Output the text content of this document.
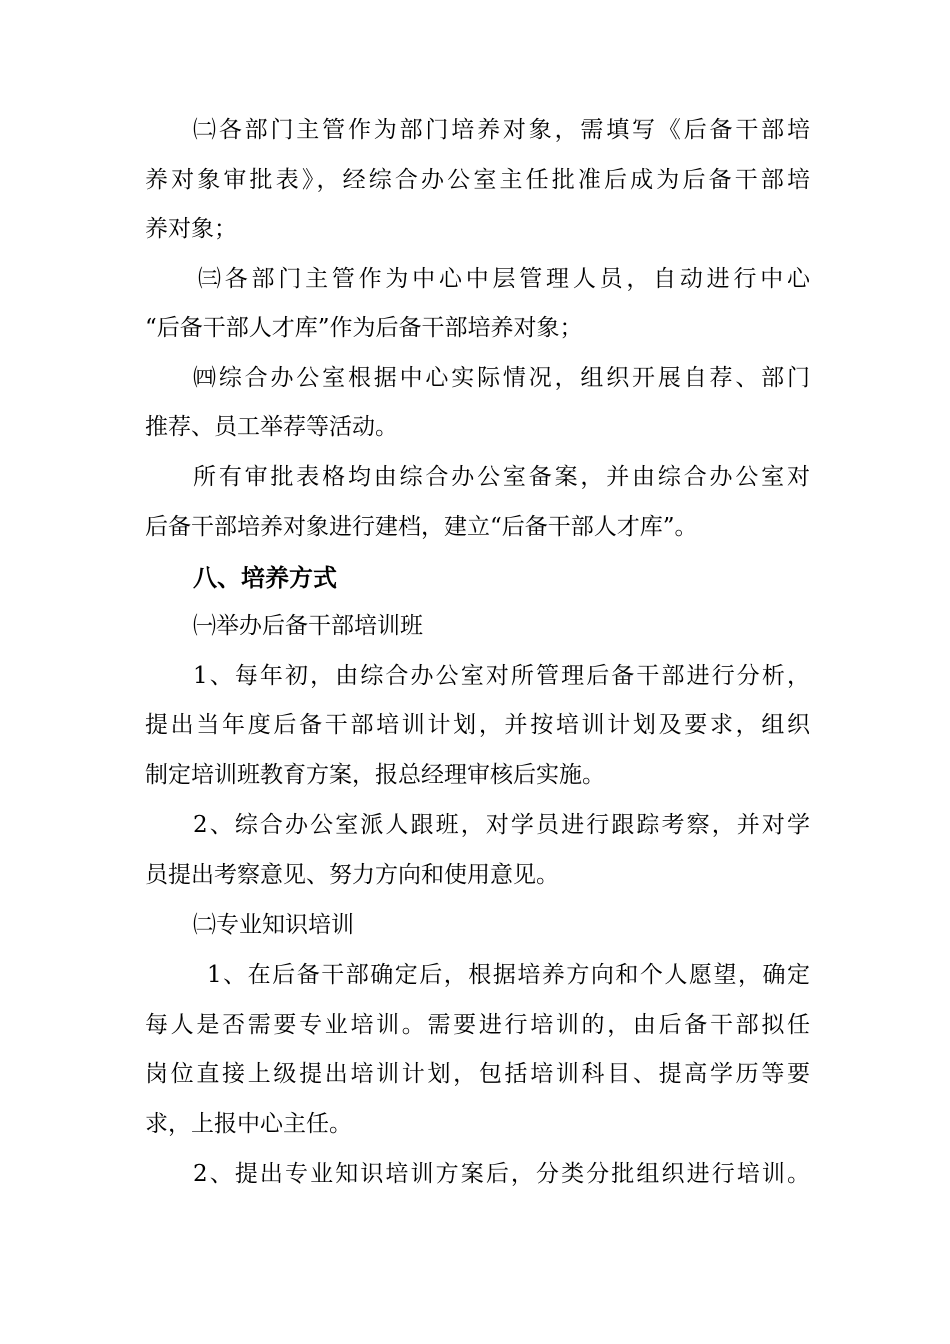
㈡各部门主管作为部门培养对象，需填写《后备干部培
养对象审批表》，经综合办公室主任批准后成为后备干部培
养对象；
㈢各部门主管作为中心中层管理人员，自动进行中心
“后备干部人才库”作为后备干部培养对象；
㈣综合办公室根据中心实际情况，组织开展自荐、部门
推荐、员工举荐等活动。
所有审批表格均由综合办公室备案，并由综合办公室对
后备干部培养对象进行建档，建立“后备干部人才库”。
八、培养方式
㈠举办后备干部培训班
1、每年初，由综合办公室对所管理后备干部进行分析，
提出当年度后备干部培训计划，并按培训计划及要求，组织
制定培训班教育方案，报总经理审核后实施。
2、综合办公室派人跟班，对学员进行跟踪考察，并对学
员提出考察意见、努力方向和使用意见。
㈡专业知识培训
1、在后备干部确定后，根据培养方向和个人愿望，确定
每人是否需要专业培训。需要进行培训的，由后备干部拟任
岗位直接上级提出培训计划，包括培训科目、提高学历等要
求，上报中心主任。
2、提出专业知识培训方案后，分类分批组织进行培训。
